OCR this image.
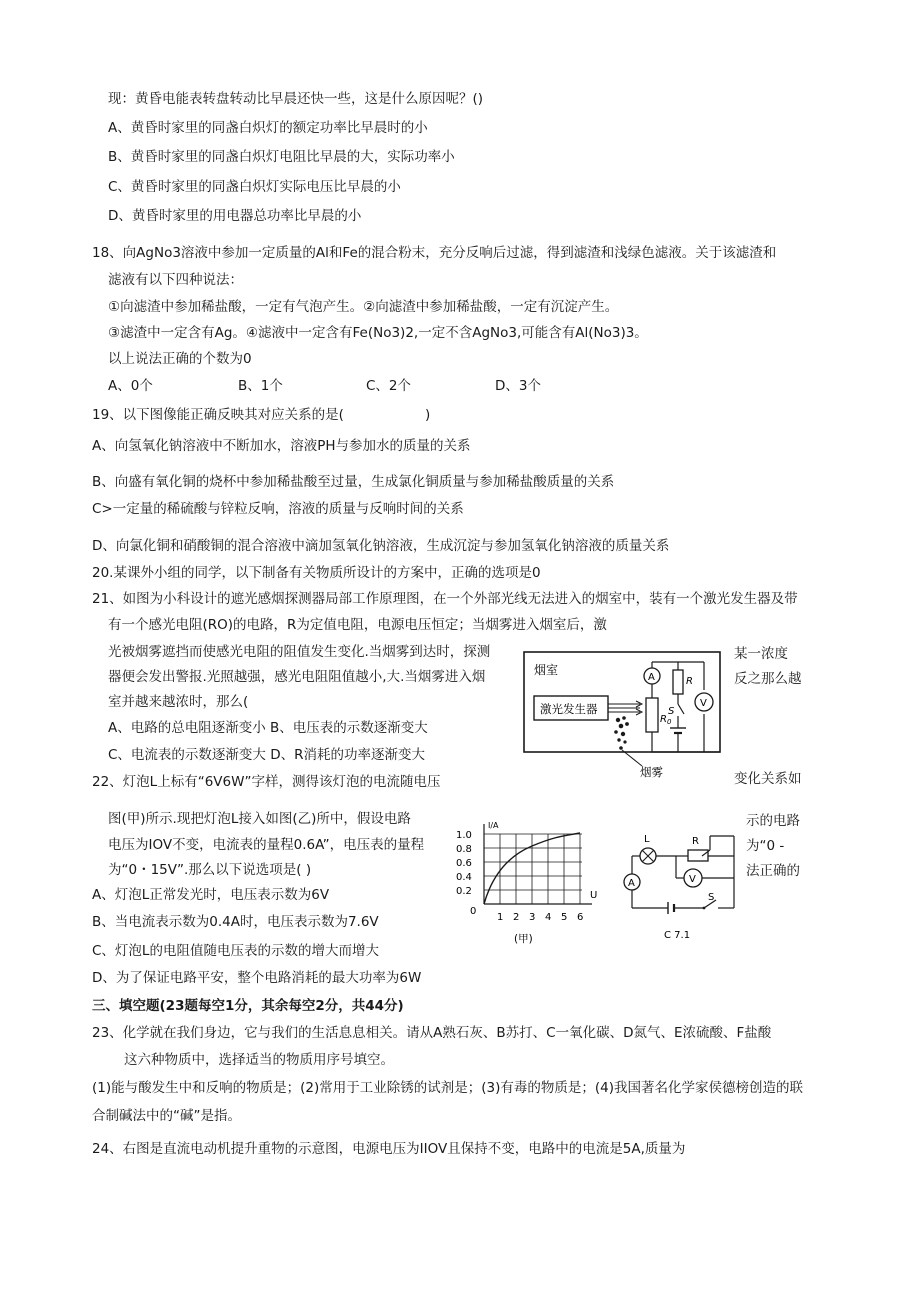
现：黄昏电能表转盘转动比早晨还快一些，这是什么原因呢？()
A、黄昏时家里的同盏白炽灯的额定功率比早晨时的小
B、黄昏时家里的同盏白炽灯电阻比早晨的大，实际功率小
C、黄昏时家里的同盏白炽灯实际电压比早晨的小
D、黄昏时家里的用电器总功率比早晨的小
18、向AgNo3溶液中参加一定质量的Al和Fe的混合粉末，充分反响后过滤，得到滤渣和浅绿色滤液。关于该滤渣和
滤液有以下四种说法：
①向滤渣中参加稀盐酸，一定有气泡产生。②向滤渣中参加稀盐酸，一定有沉淀产生。
③滤渣中一定含有Ag。④滤液中一定含有Fe(No3)2,一定不含AgNo3,可能含有Al(No3)3。
以上说法正确的个数为0
A、0个	B、1个	C、2个	D、3个
19、以下图像能正确反映其对应关系的是(　　　　　　)
A、向氢氧化钠溶液中不断加水，溶液PH与参加水的质量的关系
B、向盛有氧化铜的烧杯中参加稀盐酸至过量，生成氯化铜质量与参加稀盐酸质量的关系
C>一定量的稀硫酸与锌粒反响，溶液的质量与反响时间的关系
D、向氯化铜和硝酸铜的混合溶液中滴加氢氧化钠溶液，生成沉淀与参加氢氧化钠溶液的质量关系
20.某课外小组的同学，以下制备有关物质所设计的方案中，正确的选项是0
21、如图为小科设计的遮光感烟探测器局部工作原理图，在一个外部光线无法进入的烟室中，装有一个激光发生器及带
有一个感光电阻(RO)的电路，R为定值电阻，电源电压恒定；当烟雾进入烟室后，激
光被烟雾遮挡而使感光电阻的阻值发生变化.当烟雾到达时，探测
器便会发出警报.光照越强，感光电阻阻值越小,大.当烟雾进入烟
室并越来越浓时，那么(
某一浓度
反之那么越
A、电路的总电阻逐渐变小 B、电压表的示数逐渐变大
C、电流表的示数逐渐变大 D、R消耗的功率逐渐变大
烟室
激光发生器
烟雾
A
$R_0$
R
S
V
22、灯泡L上标有“6V6W”字样，测得该灯泡的电流随电压	变化关系如
图(甲)所示.现把灯泡L接入如图(乙)所中，假设电路	示的电路
电压为IOV不变，电流表的量程0.6A”，电压表的量程	为“0 -
为“0・15V”.那么以下说选项是( )	法正确的
A、灯泡L正常发光时，电压表示数为6V
B、当电流表示数为0.4A时，电压表示数为7.6V
C、灯泡L的电阻值随电压表的示数的增大而增大
D、为了保证电路平安，整个电路消耗的最大功率为6W
I/A
U
1.0
0.8
0.6
0.4
0.2
0
1 2 3 4 5 6
(甲)
L	R
A	V
S
C 7.1
三、填空题(23题每空1分，其余每空2分，共44分)
23、化学就在我们身边，它与我们的生活息息相关。请从A熟石灰、B苏打、C一氧化碳、D氮气、E浓硫酸、F盐酸
这六种物质中，选择适当的物质用序号填空。
(1)能与酸发生中和反响的物质是；(2)常用于工业除锈的试剂是；(3)有毒的物质是；(4)我国著名化学家侯德榜创造的联
合制碱法中的“碱”是指。
24、右图是直流电动机提升重物的示意图，电源电压为IIOV且保持不变，电路中的电流是5A,质量为
